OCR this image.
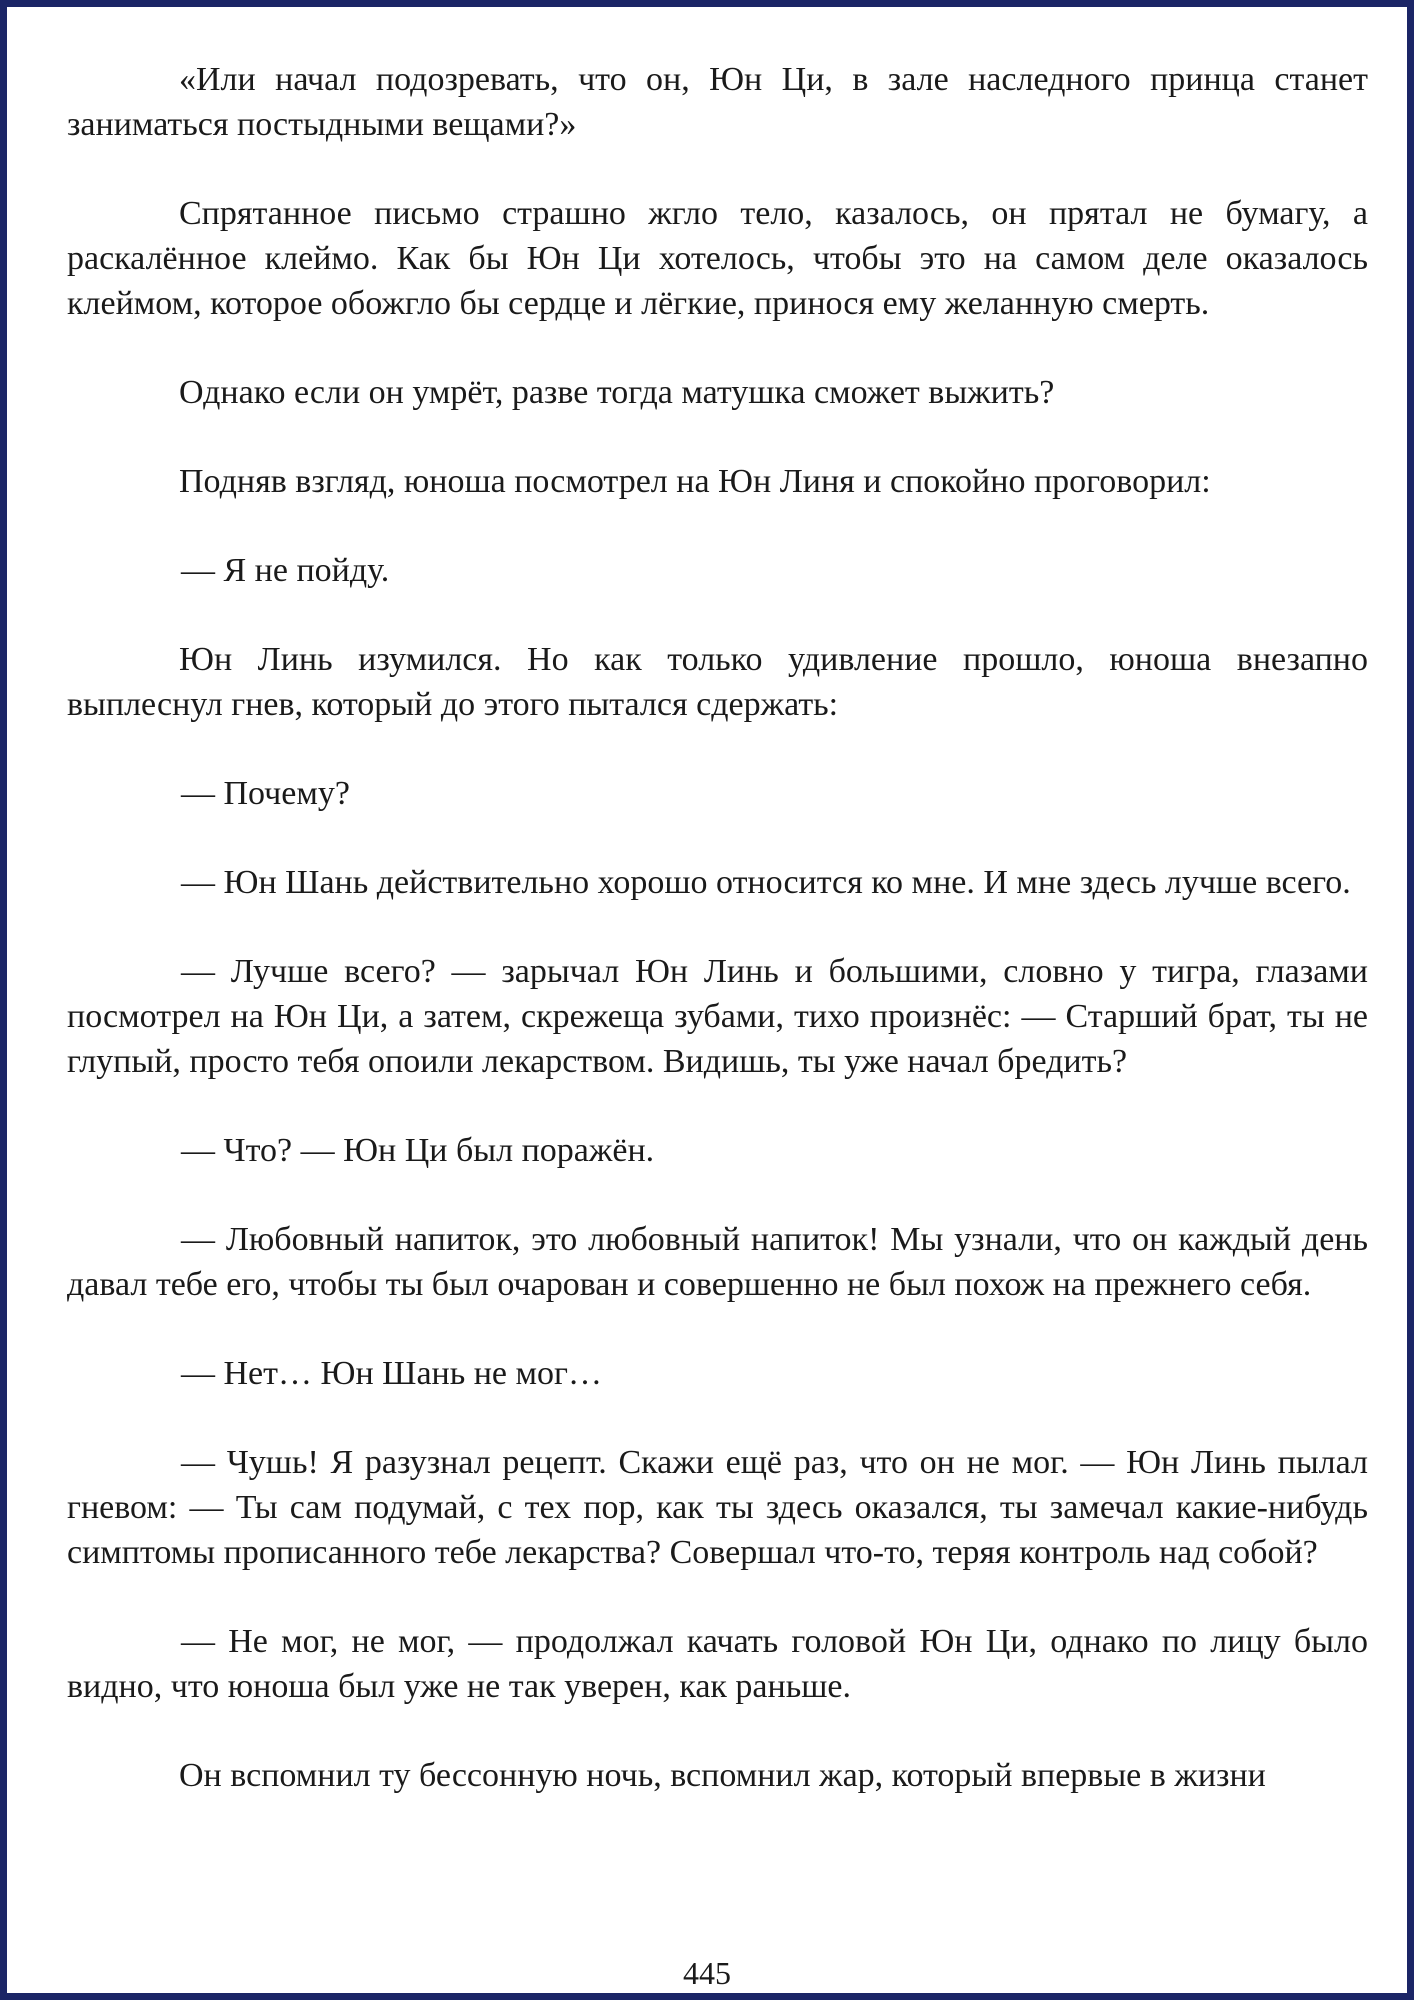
«Или начал подозревать, что он, Юн Ци, в зале наследного принца станет заниматься постыдными вещами?»

Спрятанное письмо страшно жгло тело, казалось, он прятал не бумагу, а раскалённое клеймо. Как бы Юн Ци хотелось, чтобы это на самом деле оказалось клеймом, которое обожгло бы сердце и лёгкие, принося ему желанную смерть.

Однако если он умрёт, разве тогда матушка сможет выжить?

Подняв взгляд, юноша посмотрел на Юн Линя и спокойно проговорил:

— Я не пойду.

Юн Линь изумился. Но как только удивление прошло, юноша внезапно выплеснул гнев, который до этого пытался сдержать:

— Почему?

— Юн Шань действительно хорошо относится ко мне. И мне здесь лучше всего.

— Лучше всего? — зарычал Юн Линь и большими, словно у тигра, глазами посмотрел на Юн Ци, а затем, скрежеща зубами, тихо произнёс: — Старший брат, ты не глупый, просто тебя опоили лекарством. Видишь, ты уже начал бредить?

— Что? — Юн Ци был поражён.

— Любовный напиток, это любовный напиток! Мы узнали, что он каждый день давал тебе его, чтобы ты был очарован и совершенно не был похож на прежнего себя.

— Нет… Юн Шань не мог…

— Чушь! Я разузнал рецепт. Скажи ещё раз, что он не мог. — Юн Линь пылал гневом: — Ты сам подумай, с тех пор, как ты здесь оказался, ты замечал какие-нибудь симптомы прописанного тебе лекарства? Совершал что-то, теряя контроль над собой?

— Не мог, не мог, — продолжал качать головой Юн Ци, однако по лицу было видно, что юноша был уже не так уверен, как раньше.

Он вспомнил ту бессонную ночь, вспомнил жар, который впервые в жизни

445
